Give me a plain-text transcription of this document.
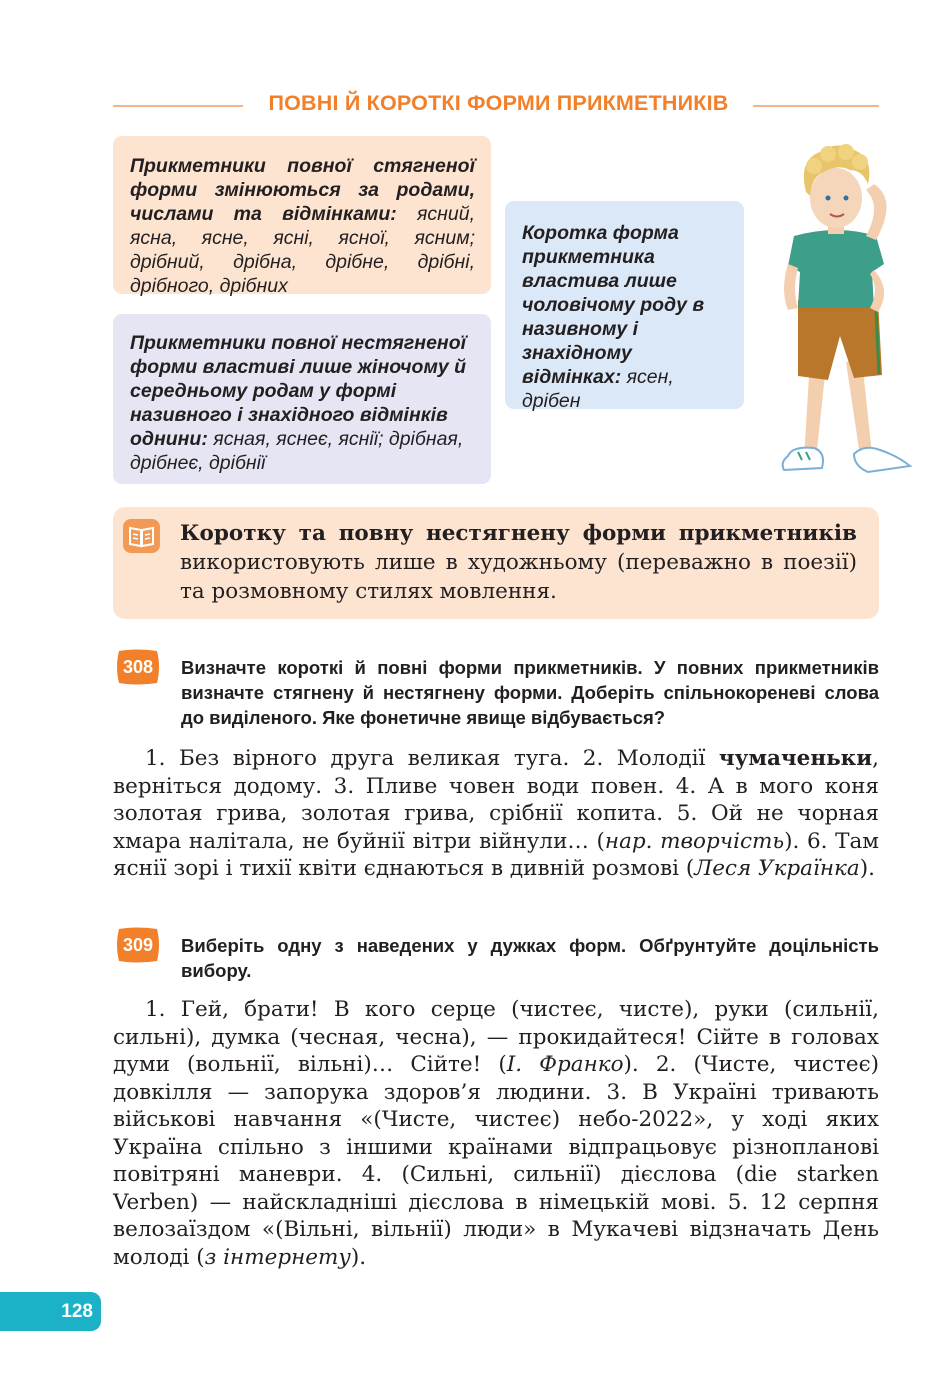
ПОВНІ Й КОРОТКІ ФОРМИ ПРИКМЕТНИКІВ
Прикметники повної стягненої форми змінюються за родами, числами та відмінками: ясний, ясна, ясне, ясні, ясної, ясним; дрібний, дрібна, дрібне, дрібні, дрібного, дрібних
Прикметники повної нестягненої форми властиві лише жіночому й середньому родам у формі називного і знахідного відмінків однини: ясная, яснеє, яснії; дрібная, дрібнеє, дрібнії
Коротка форма прикметника властива лише чоловічому роду в називному і знахідному відмінках: ясен, дрібен
Коротку та повну нестягнену форми прикметників використовують лише в художньому (переважно в поезії) та розмовному стилях мовлення.
308	Визначте короткі й повні форми прикметників. У повних прикметників визначте стягнену й нестягнену форми. Доберіть спільнокореневі слова до виділеного. Яке фонетичне явище відбувається?

1. Без вірного друга великая туга. 2. Молодії чумаченьки, верніться додому. 3. Пливе човен води повен. 4. А в мого коня золотая грива, золотая грива, срібнії копита. 5. Ой не чорная хмара налітала, не буйнії вітри війнули… (нар. творчість). 6. Там яснії зорі і тихії квіти єднаються в дивній розмові (Леся Українка).

309	Виберіть одну з наведених у дужках форм. Обґрунтуйте доцільність вибору.

1. Гей, брати! В кого серце (чистеє, чисте), руки (сильнії, сильні), думка (чесная, чесна), — прокидайтеся! Сійте в головах думи (вольнії, вільні)… Сійте! (І. Франко). 2. (Чисте, чистеє) довкілля — запорука здоров’я людини. 3. В Україні тривають військові навчання «(Чисте, чистеє) небо-2022», у ході яких Україна спільно з іншими країнами відпрацьовує різнопланові повітряні маневри. 4. (Сильні, сильнії) дієслова (die starken Verben) — найскладніші дієслова в німецькій мові. 5. 12 серпня велозаїздом «(Вільні, вільнії) люди» в Мукачеві відзначать День молоді (з інтернету).

128
